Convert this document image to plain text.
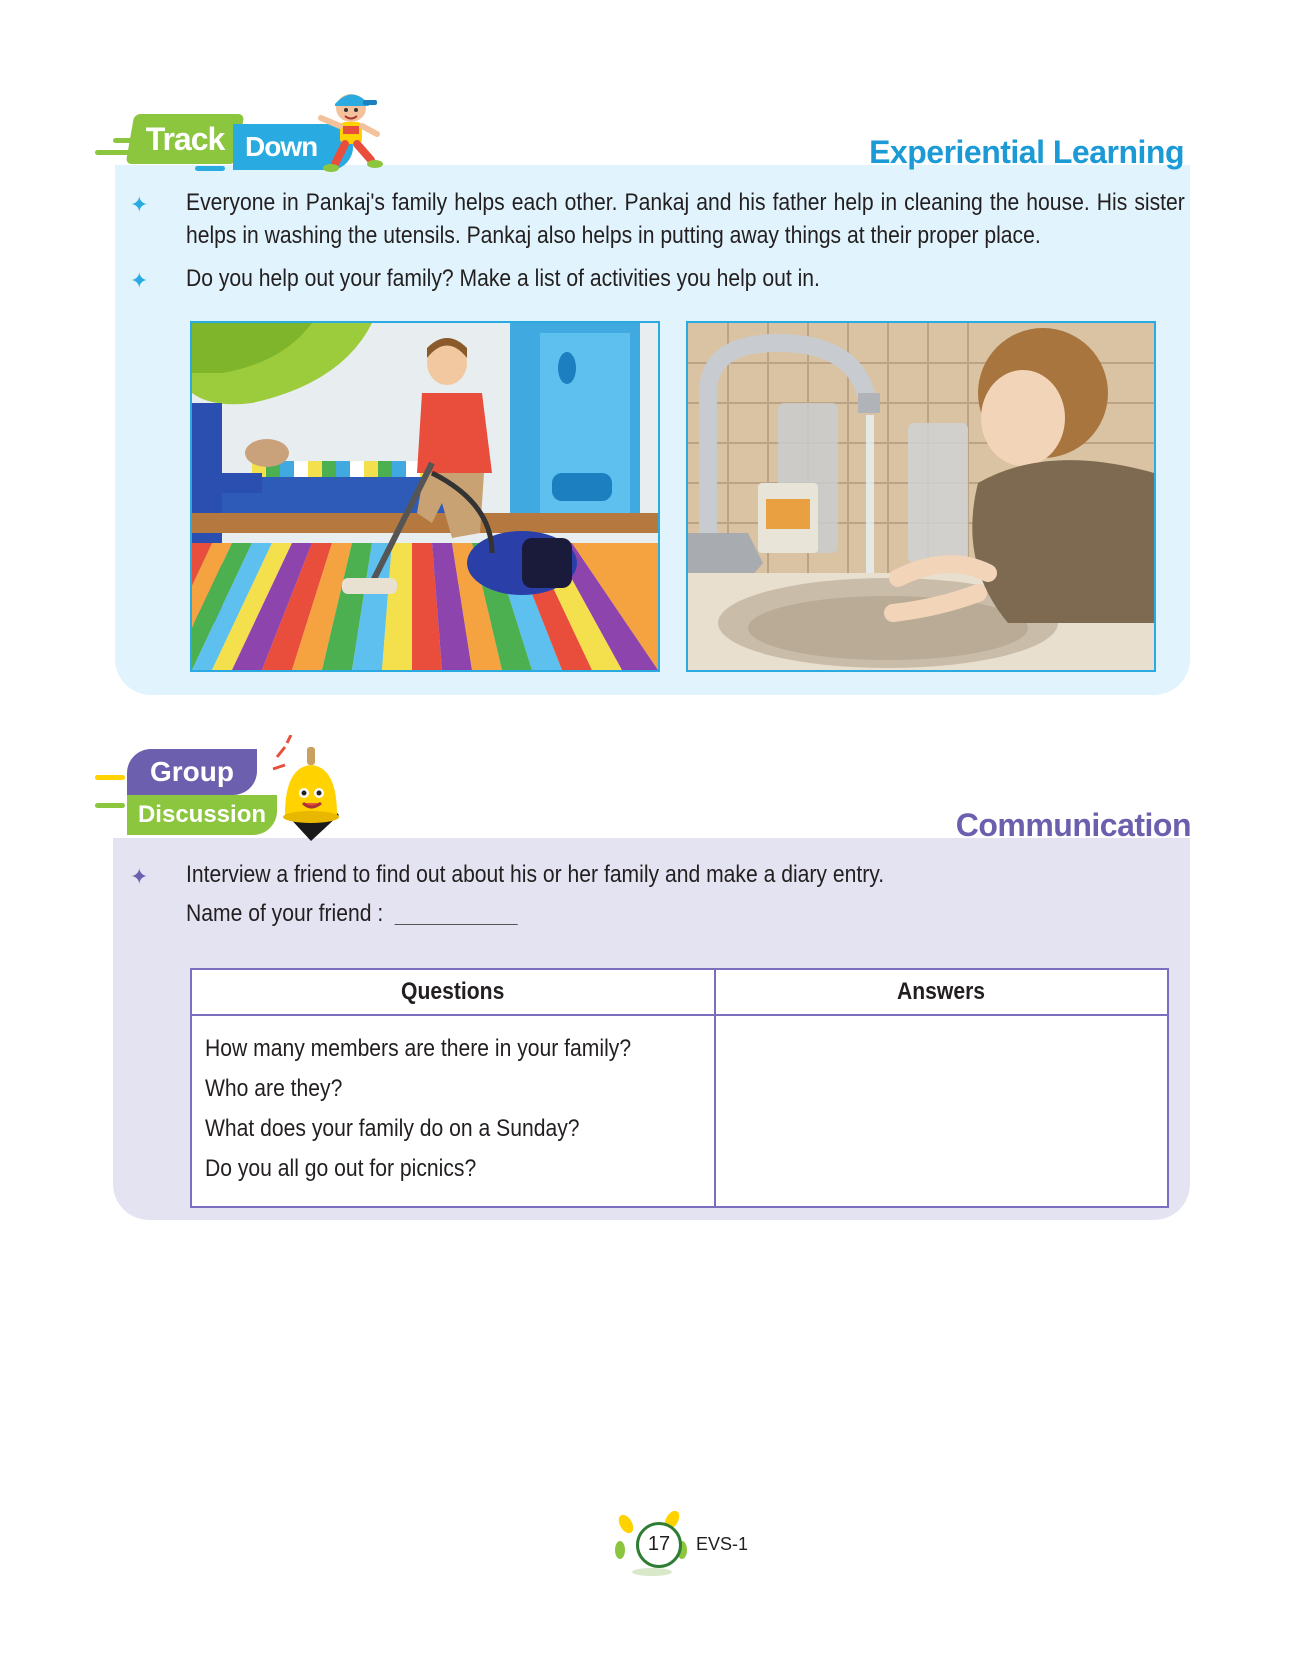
Track Down	Experiential Learning
✦ Everyone in Pankaj's family helps each other. Pankaj and his father help in cleaning the house. His sister helps in washing the utensils. Pankaj also helps in putting away things at their proper place.
✦ Do you help out your family? Make a list of activities you help out in.
Group
Discussion	Communication
✦ Interview a friend to find out about his or her family and make a diary entry.
Name of your friend :
Questions	Answers

How many members are there in your family?
Who are they?
What does your family do on a Sunday?
Do you all go out for picnics?	

17	EVS-1
